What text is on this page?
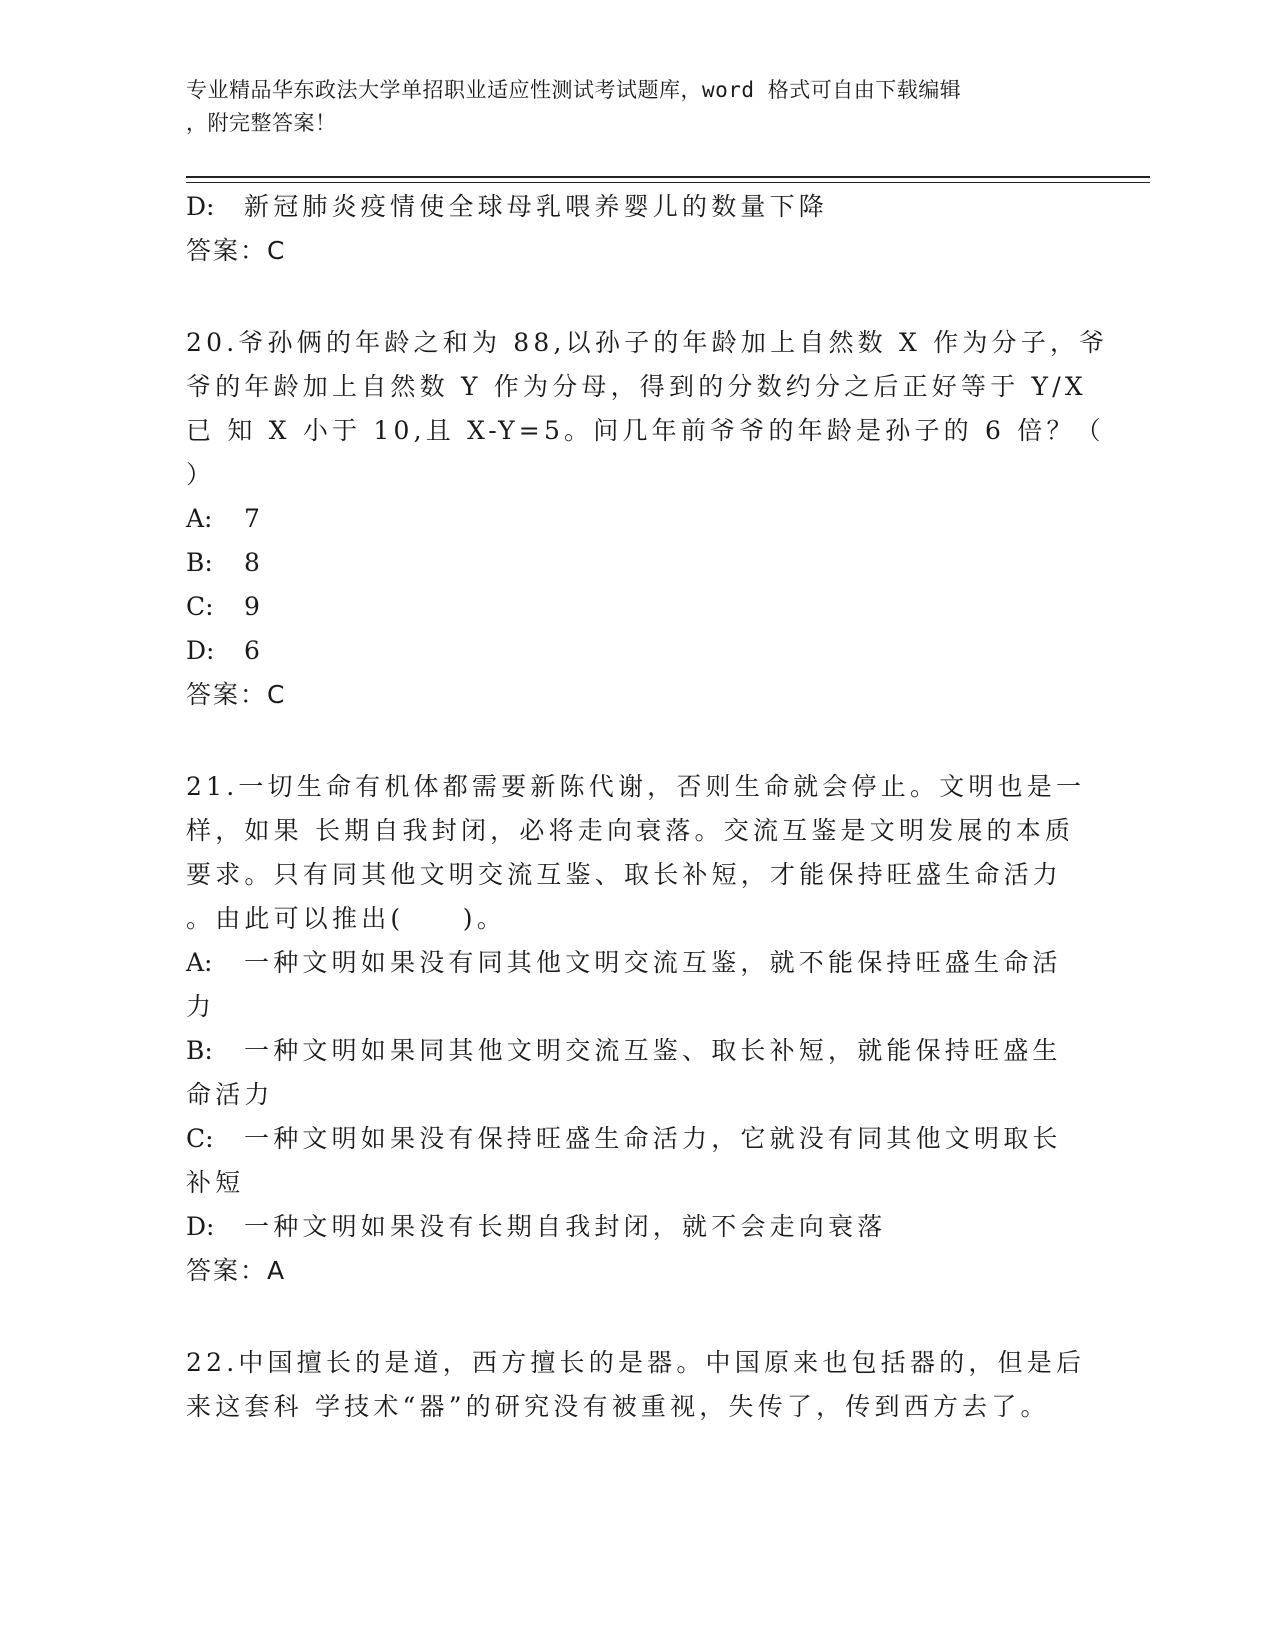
专业精品华东政法大学单招职业适应性测试考试题库，word 格式可自由下载编辑
，附完整答案！
D: 新冠肺炎疫情使全球母乳喂养婴儿的数量下降
答案：C
20.爷孙俩的年龄之和为 88,以孙子的年龄加上自然数 X 作为分子，爷
爷的年龄加上自然数 Y 作为分母，得到的分数约分之后正好等于 Y/X
已 知 X 小于 10,且 X-Y=5。问几年前爷爷的年龄是孙子的 6 倍？（
）
A: 7
B: 8
C: 9
D: 6
答案：C
21.一切生命有机体都需要新陈代谢，否则生命就会停止。文明也是一
样，如果 长期自我封闭，必将走向衰落。交流互鉴是文明发展的本质
要求。只有同其他文明交流互鉴、取长补短，才能保持旺盛生命活力
。由此可以推出(　　)。
A: 一种文明如果没有同其他文明交流互鉴，就不能保持旺盛生命活
力
B: 一种文明如果同其他文明交流互鉴、取长补短，就能保持旺盛生
命活力
C: 一种文明如果没有保持旺盛生命活力，它就没有同其他文明取长
补短
D: 一种文明如果没有长期自我封闭，就不会走向衰落
答案：A
22.中国擅长的是道，西方擅长的是器。中国原来也包括器的，但是后
来这套科 学技术“器”的研究没有被重视，失传了，传到西方去了。
